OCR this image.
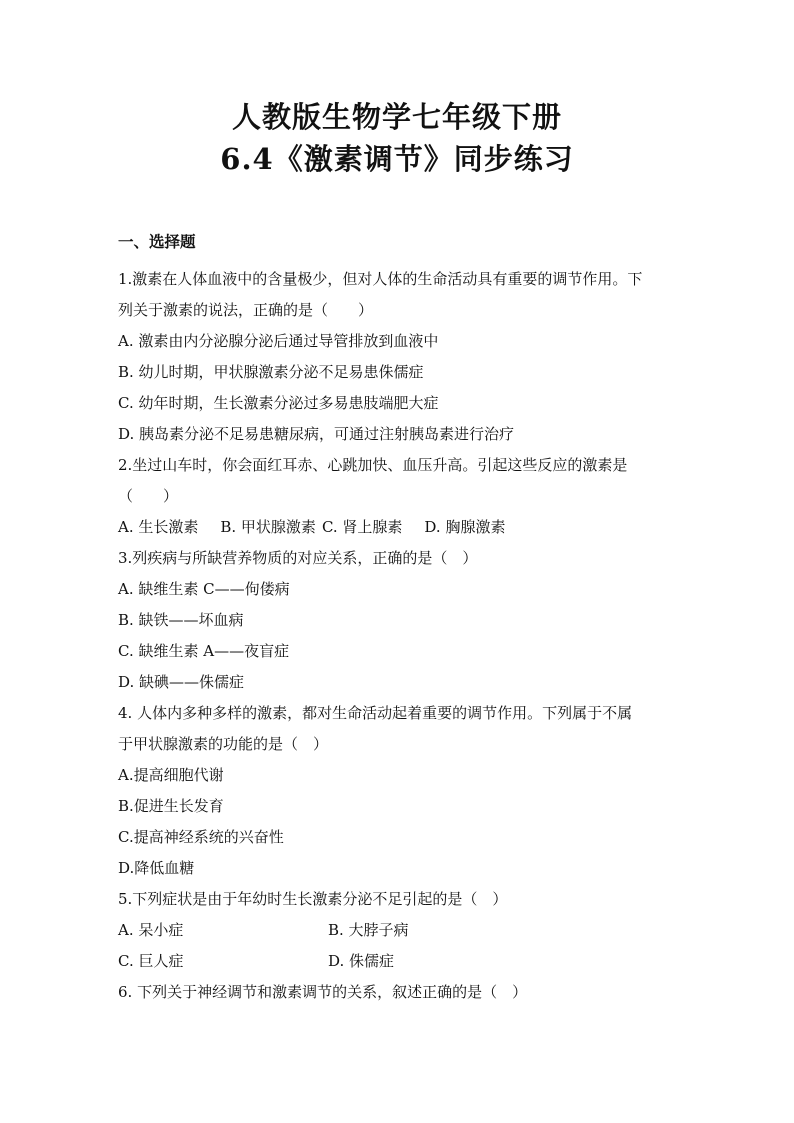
人教版生物学七年级下册
6.4《激素调节》同步练习
一、选择题
1.激素在人体血液中的含量极少，但对人体的生命活动具有重要的调节作用。下
列关于激素的说法，正确的是（　　）
A. 激素由内分泌腺分泌后通过导管排放到血液中
B. 幼儿时期，甲状腺激素分泌不足易患侏儒症
C. 幼年时期，生长激素分泌过多易患肢端肥大症
D. 胰岛素分泌不足易患糖尿病，可通过注射胰岛素进行治疗
2.坐过山车时，你会面红耳赤、心跳加快、血压升高。引起这些反应的激素是
（　　）
A. 生长激素 B. 甲状腺激素 C. 肾上腺素 D. 胸腺激素
3.列疾病与所缺营养物质的对应关系，正确的是（　）
A. 缺维生素 C——佝偻病
B. 缺铁——坏血病
C. 缺维生素 A——夜盲症
D. 缺碘——侏儒症
4. 人体内多种多样的激素，都对生命活动起着重要的调节作用。下列属于不属
于甲状腺激素的功能的是（　）
A.提高细胞代谢
B.促进生长发育
C.提高神经系统的兴奋性
D.降低血糖
5.下列症状是由于年幼时生长激素分泌不足引起的是（　）
A. 呆小症	B. 大脖子病
C. 巨人症	D. 侏儒症
6. 下列关于神经调节和激素调节的关系，叙述正确的是（　）
